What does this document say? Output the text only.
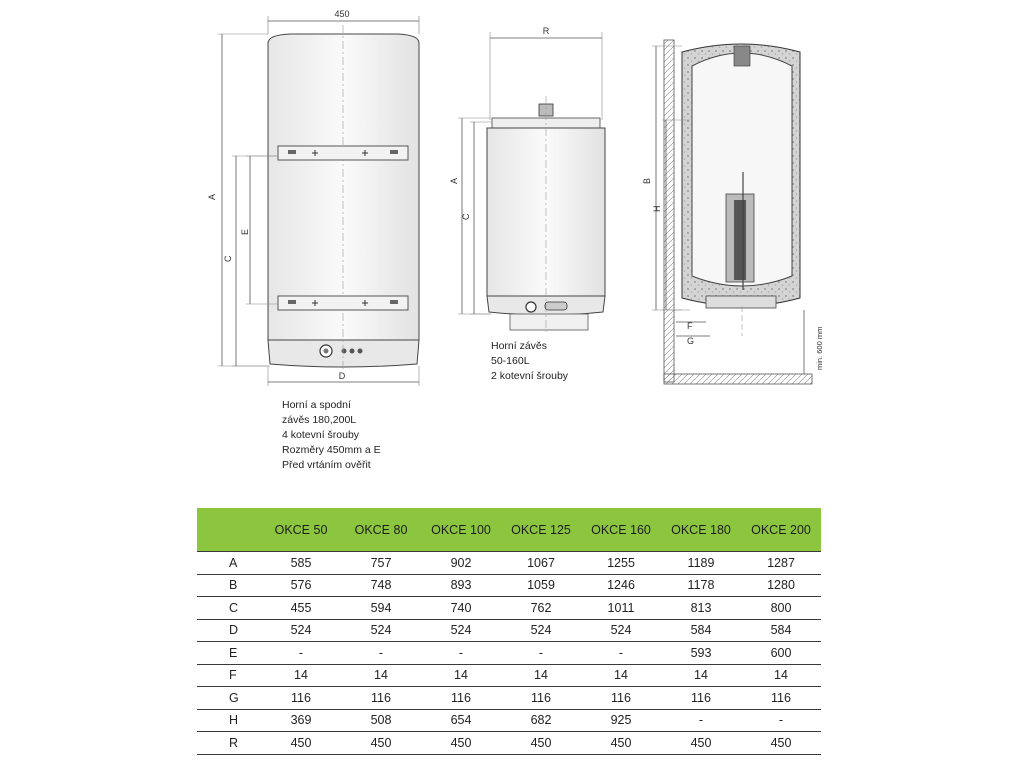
450
A
C
E
D
R
A
C
B
H
F
G	min. 600 mm
Horní a spodní
závěs 180,200L
4 kotevní šrouby
Rozměry 450mm a E
Před vrtáním ověřit
Horní závěs
50-160L
2 kotevní šrouby
	OKCE 50	OKCE 80	OKCE 100	OKCE 125	OKCE 160	OKCE 180	OKCE 200
A	585	757	902	1067	1255	1189	1287
B	576	748	893	1059	1246	1178	1280
C	455	594	740	762	1011	813	800
D	524	524	524	524	524	584	584
E	-	-	-	-	-	593	600
F	14	14	14	14	14	14	14
G	116	116	116	116	116	116	116
H	369	508	654	682	925	-	-
R	450	450	450	450	450	450	450
